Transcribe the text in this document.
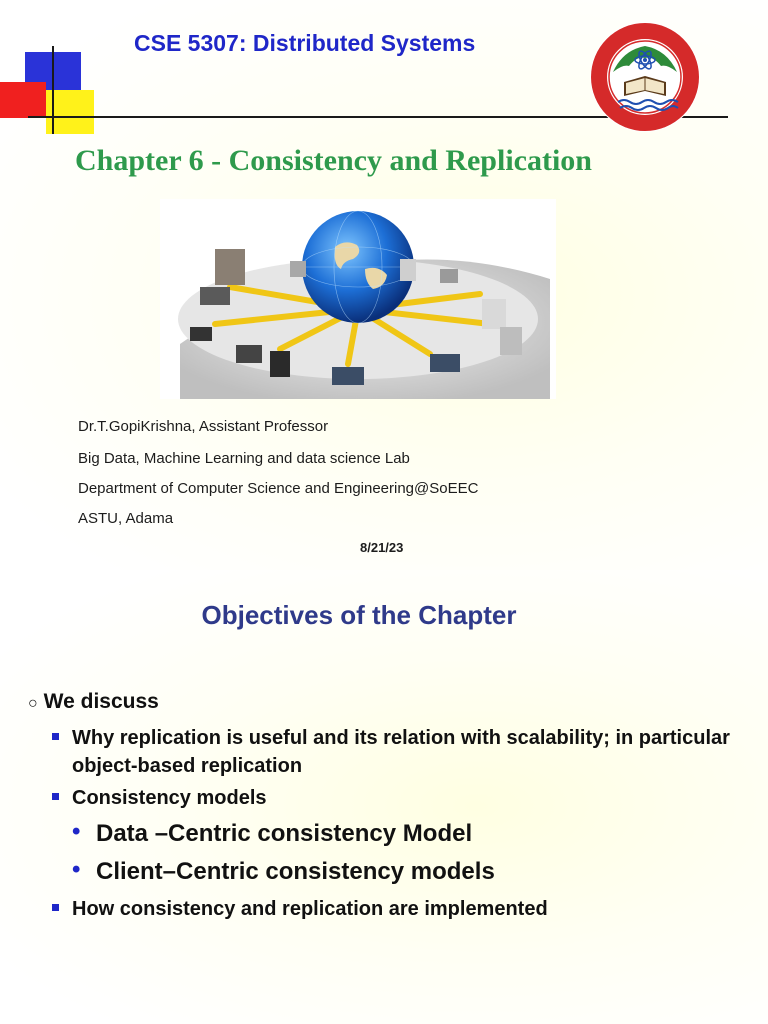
CSE 5307: Distributed Systems
Chapter 6 - Consistency and Replication
Dr.T.GopiKrishna, Assistant Professor
Big Data, Machine Learning and data science Lab
Department of Computer Science and Engineering@SoEEC
ASTU, Adama
8/21/23
Objectives of the Chapter
○ We discuss
Why replication is useful and its relation with scalability; in particular object-based replication
Consistency models
• Data –Centric consistency Model
• Client–Centric consistency models
How consistency and replication are implemented
